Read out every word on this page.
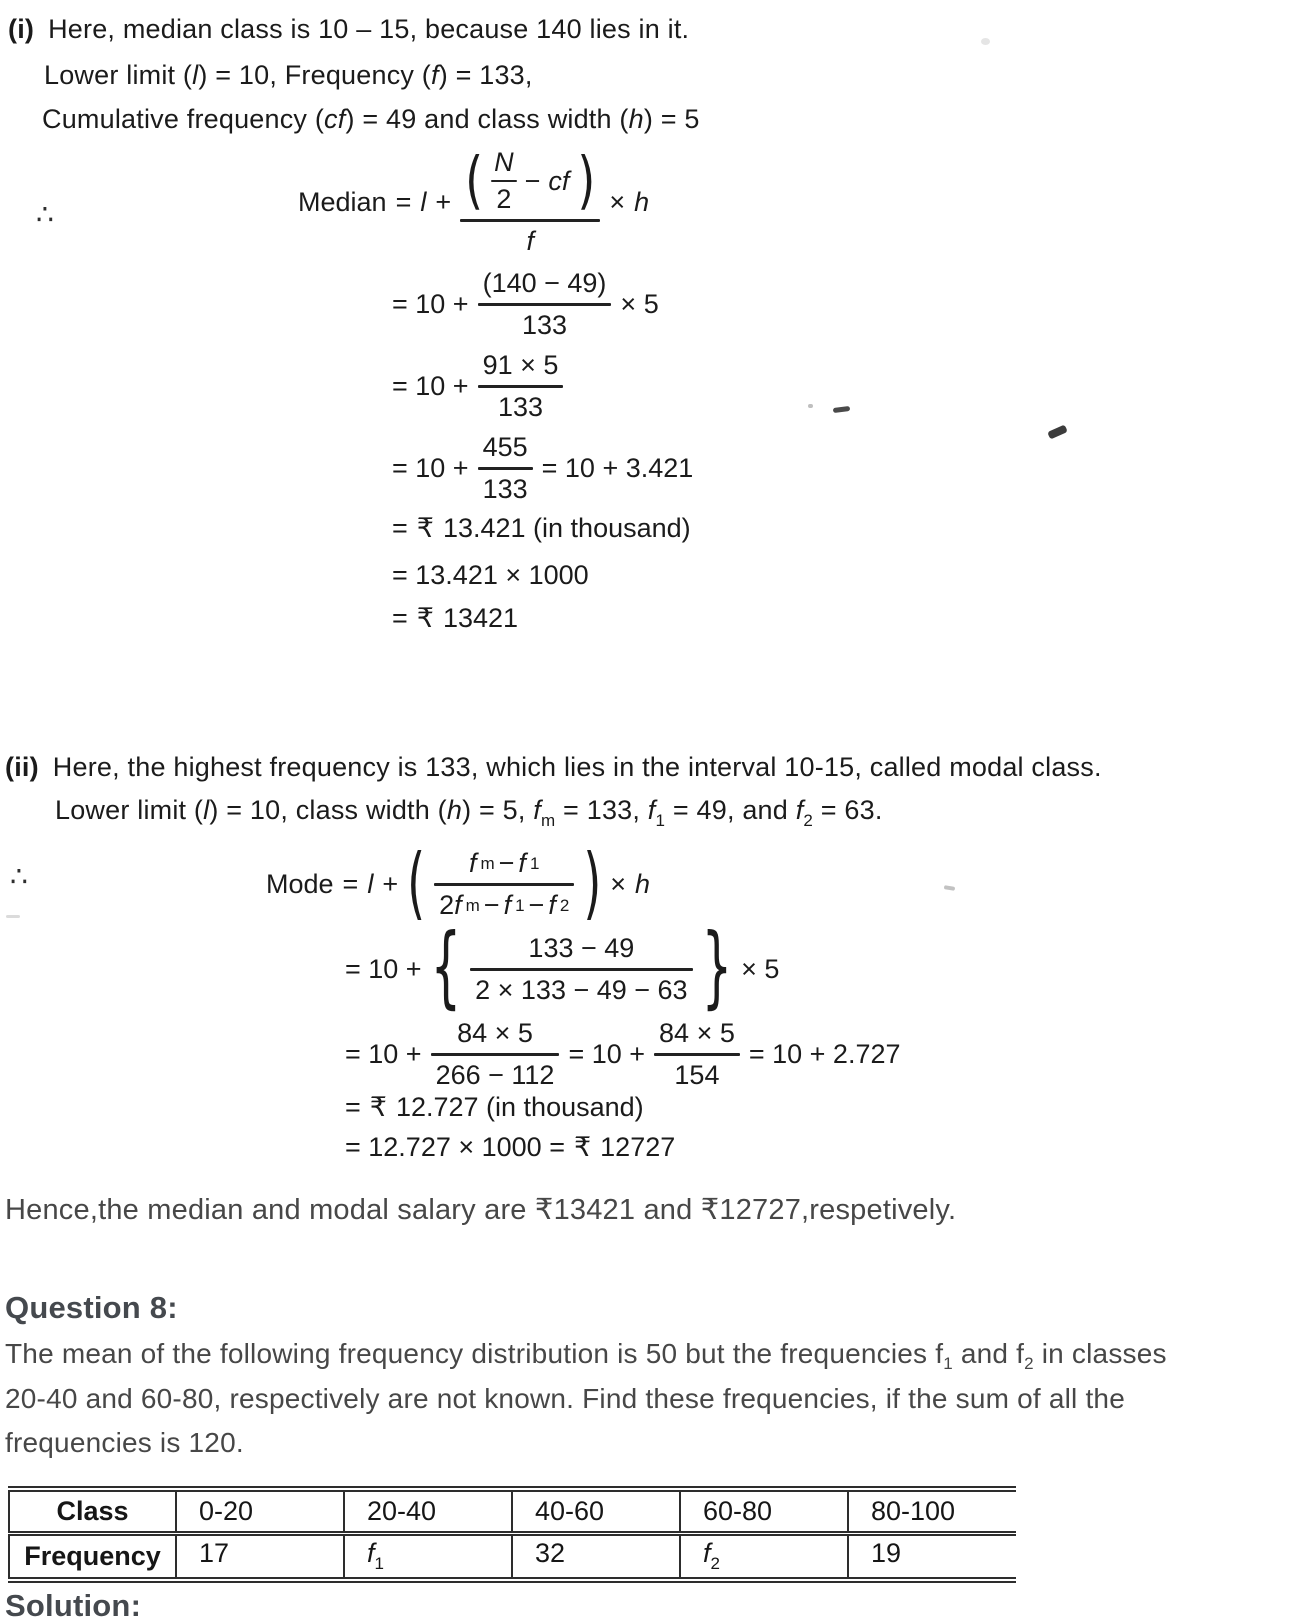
(i) Here, median class is 10 – 15, because 140 lies in it.
Lower limit (l) = 10, Frequency (f) = 133,
Cumulative frequency (cf) = 49 and class width (h) = 5
∴	Median = l + ( $\frac{N}{2}$ − cf )
f
× h
= $10 + \frac{(140 - 49)}{133} \times 5$
= $10 + \frac{91 \times 5}{133}$
= $10 + \frac{455}{133} = 10 + 3.421$
= ₹ 13.421 (in thousand)
= 13.421 × 1000
= ₹ 13421
(ii) Here, the highest frequency is 133, which lies in the interval 10-15, called modal class.
Lower limit (l) = 10, class width (h) = 5, $f_m = 133$, $f_1 = 49$, and $f_2 = 63$.
∴	Mode = l + ( $\frac{\text{f m − f 1}}{\text{2 f m − f 1 − f 2}}$ ) × h
= 10 + { $\frac{133 - 49}{2 \times 133 - 49 - 63}$ } × 5
= $10 + \frac{84 \times 5}{266 - 112} = 10 + \frac{84 \times 5}{154} = 10 + 2.727$
= ₹ 12.727 (in thousand)
= 12.727 × 1000 = ₹ 12727
Hence,the median and modal salary are ₹13421 and ₹12727,respetively.
Question 8:
The mean of the following frequency distribution is 50 but the frequencies $f_1$ and $f_2$ in classes
20-40 and 60-80, respectively are not known. Find these frequencies, if the sum of all the
frequencies is 120.
Class	0-20	20-40	40-60	60-80	80-100
Frequency	17	$f_1$	32	$f_2$	19
Solution:
